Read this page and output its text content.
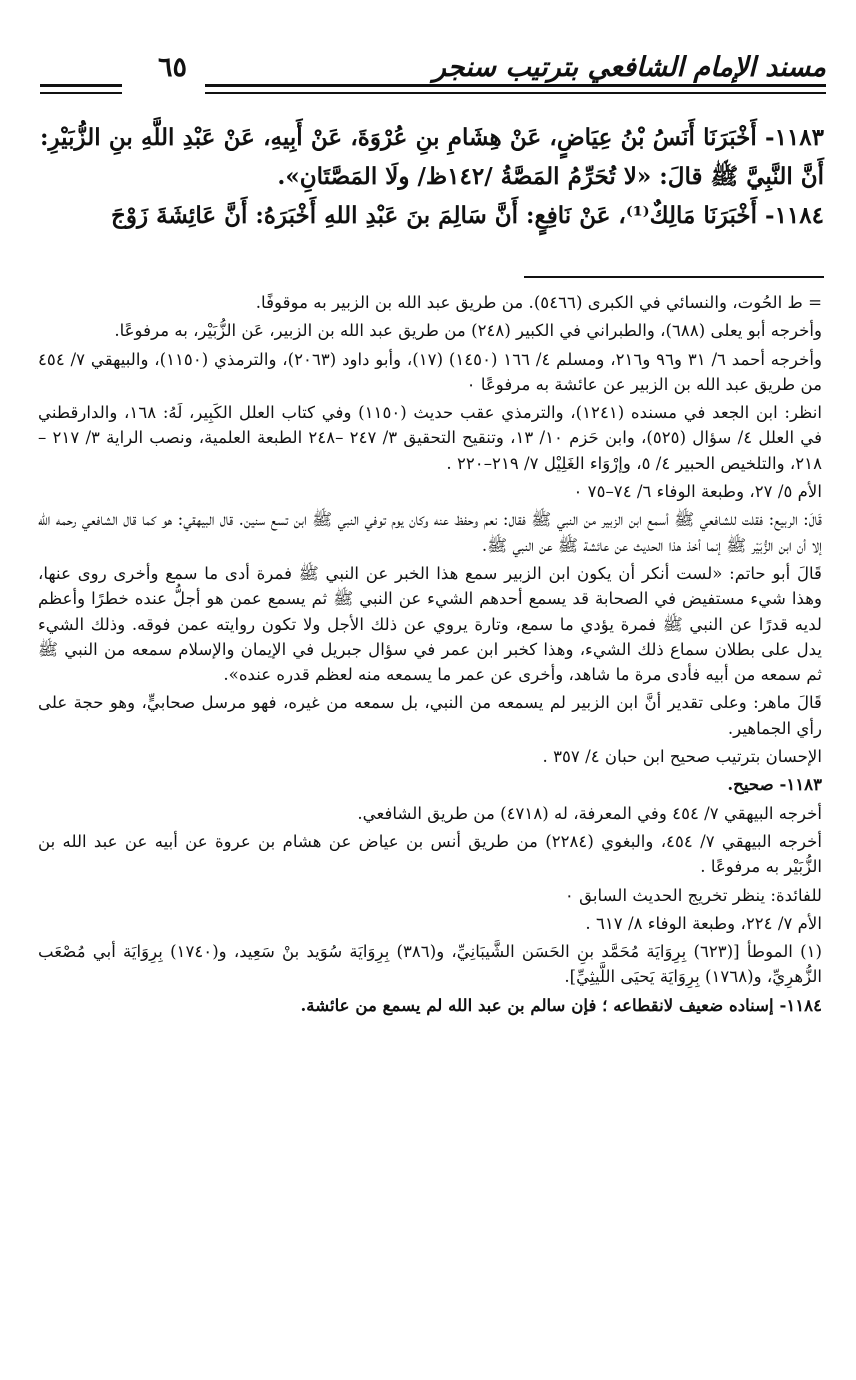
مسند الإمام الشافعي بترتيب سنجر
٦٥

١١٨٣- أَخْبَرَنَا أَنَسُ بْنُ عِيَاضٍ، عَنْ هِشَامِ بنِ عُرْوَةَ، عَنْ أَبِيهِ، عَنْ عَبْدِ اللَّهِ بنِ الزُّبَيْرِ: أَنَّ النَّبِيَّ ﷺ قالَ: «لا تُحَرِّمُ المَصَّةُ /١٤٢ظ/ ولَا المَصَّتَانِ».

١١٨٤- أَخْبَرَنَا مَالِكٌ⁽¹⁾، عَنْ نَافِعٍ: أَنَّ سَالِمَ بنَ عَبْدِ اللهِ أَخْبَرَهُ: أَنَّ عَائِشَةَ زَوْجَ

= ط الحُوت، والنسائي في الكبرى (٥٤٦٦). من طريق عبد الله بن الزبير به موقوفًا.

وأخرجه أبو يعلى (٦٨٨)، والطبراني في الكبير (٢٤٨) من طريق عبد الله بن الزبير، عَن الزُّبَيْر، به مرفوعًا.

وأخرجه أحمد ٦/ ٣١ و٩٦ و٢١٦، ومسلم ٤/ ١٦٦ (١٤٥٠) (١٧)، وأبو داود (٢٠٦٣)، والترمذي (١١٥٠)، والبيهقي ٧/ ٤٥٤ من طريق عبد الله بن الزبير عن عائشة به مرفوعًا ٠

انظر: ابن الجعد في مسنده (١٢٤١)، والترمذي عقب حديث (١١٥٠) وفي كتاب العلل الكَبِير، لَهُ: ١٦٨، والدارقطني في العلل ٤/ سؤال (٥٢٥)، وابن حَزم ١٠/ ١٣، وتنقيح التحقيق ٣/ ٢٤٧ –٢٤٨ الطبعة العلمية، ونصب الراية ٣/ ٢١٧ –٢١٨، والتلخيص الحبير ٤/ ٥، وإرْوَاء الغَلِيْل ٧/ ٢١٩–٢٢٠ .

الأم ٥/ ٢٧، وطبعة الوفاء ٦/ ٧٤–٧٥ ٠

قَالَ: الربيع: فقلت للشافعي ﷺ أسمع ابن الزبير من النبي ﷺ فقال: نعم وحفظ عنه وكان يوم توفي النبي ﷺ ابن تسع سنين. قال البيهقي: هو كما قال الشافعي رحمه الله إلا أن ابن الزُّبَيْر ﷺ إنما أخذ هذا الحديث عن عائشة ﷺ عن النبي ﷺ.

قَالَ أبو حاتم: «لست أنكر أن يكون ابن الزبير سمع هذا الخبر عن النبي ﷺ فمرة أدى ما سمع وأخرى روى عنها، وهذا شيء مستفيض في الصحابة قد يسمع أحدهم الشيء عن النبي ﷺ ثم يسمع عمن هو أجلُّ عنده خطرًا وأعظم لديه قدرًا عن النبي ﷺ فمرة يؤدي ما سمع، وتارة يروي عن ذلك الأجل ولا تكون روايته عمن فوقه. وذلك الشيء يدل على بطلان سماع ذلك الشيء، وهذا كخبر ابن عمر في سؤال جبريل في الإيمان والإسلام سمعه من النبي ﷺ ثم سمعه من أبيه فأدى مرة ما شاهد، وأخرى عن عمر ما يسمعه منه لعظم قدره عنده».

قَالَ ماهر: وعلى تقدير أنَّ ابن الزبير لم يسمعه من النبي، بل سمعه من غيره، فهو مرسل صحابيٍّ، وهو حجة على رأي الجماهير.

الإحسان بترتيب صحيح ابن حبان ٤/ ٣٥٧ .

١١٨٣- صحيح.

أخرجه البيهقي ٧/ ٤٥٤ وفي المعرفة، له (٤٧١٨) من طريق الشافعي.

أخرجه البيهقي ٧/ ٤٥٤، والبغوي (٢٢٨٤) من طريق أنس بن عياض عن هشام بن عروة عن أبيه عن عبد الله بن الزُّبَيْر به مرفوعًا .

للفائدة: ينظر تخريج الحديث السابق ٠

الأم ٧/ ٢٢٤، وطبعة الوفاء ٨/ ٦١٧ .

(١) الموطأ [(٦٢٣) بِرِوَايَة مُحَمَّد بنِ الحَسَن الشَّيبَانِيِّ، و(٣٨٦) بِرِوَايَة سُوَيد بنْ سَعِيد، و(١٧٤٠) بِرِوَايَة أبي مُصْعَب الزُّهرِيِّ، و(١٧٦٨) بِرِوَايَة يَحيَى اللَّيثِيِّ].

١١٨٤- إسناده ضعيف لانقطاعه ؛ فإن سالم بن عبد الله لم يسمع من عائشة.
